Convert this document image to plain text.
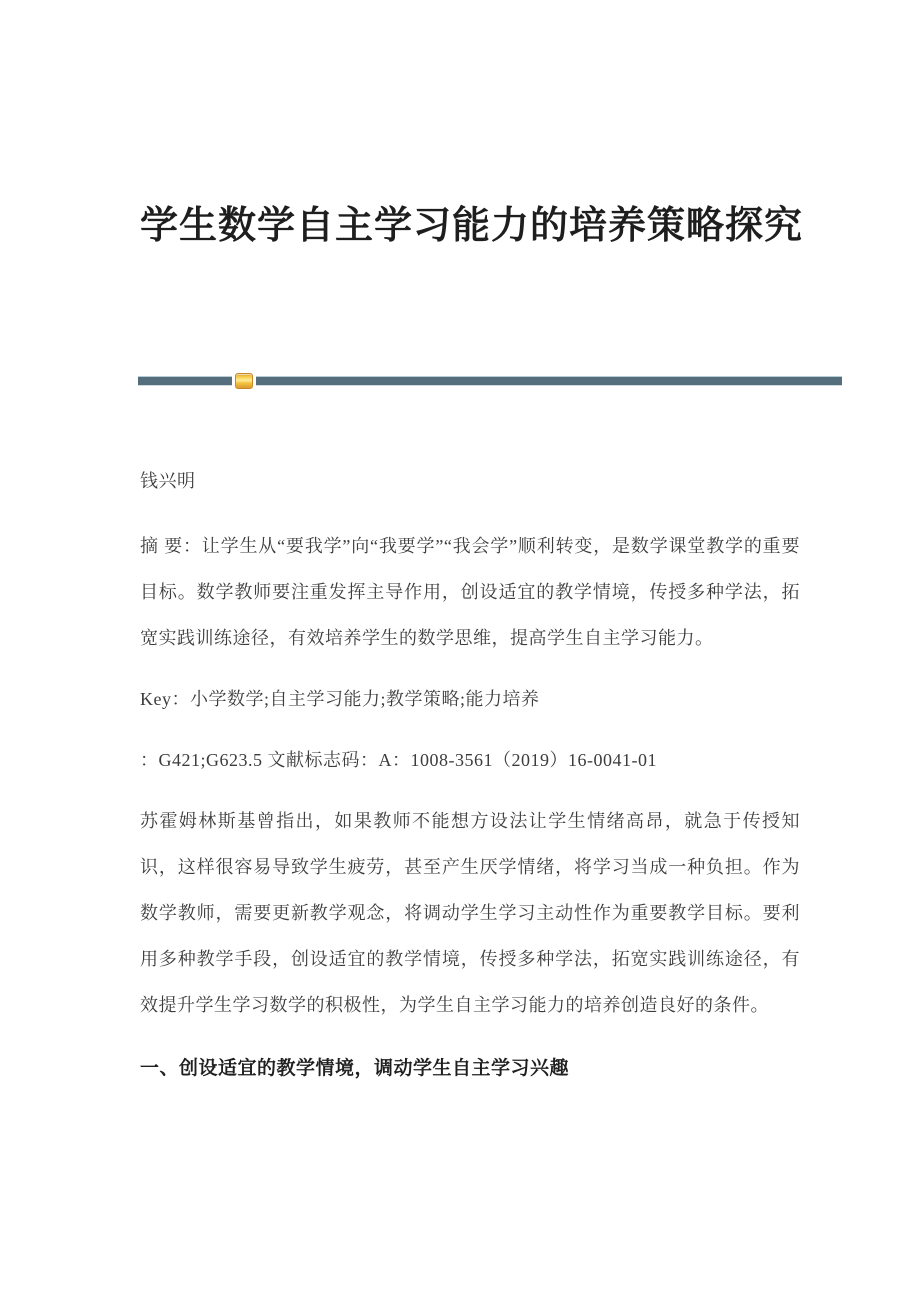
学生数学自主学习能力的培养策略探究

钱兴明

摘 要：让学生从“要我学”向“我要学”“我会学”顺利转变，是数学课堂教学的重要目标。数学教师要注重发挥主导作用，创设适宜的教学情境，传授多种学法，拓宽实践训练途径，有效培养学生的数学思维，提高学生自主学习能力。

Key：小学数学;自主学习能力;教学策略;能力培养

：G421;G623.5 文献标志码：A：1008-3561（2019）16-0041-01

苏霍姆林斯基曾指出，如果教师不能想方设法让学生情绪高昂，就急于传授知识，这样很容易导致学生疲劳，甚至产生厌学情绪，将学习当成一种负担。作为数学教师，需要更新教学观念，将调动学生学习主动性作为重要教学目标。要利用多种教学手段，创设适宜的教学情境，传授多种学法，拓宽实践训练途径，有效提升学生学习数学的积极性，为学生自主学习能力的培养创造良好的条件。

一、创设适宜的教学情境，调动学生自主学习兴趣
